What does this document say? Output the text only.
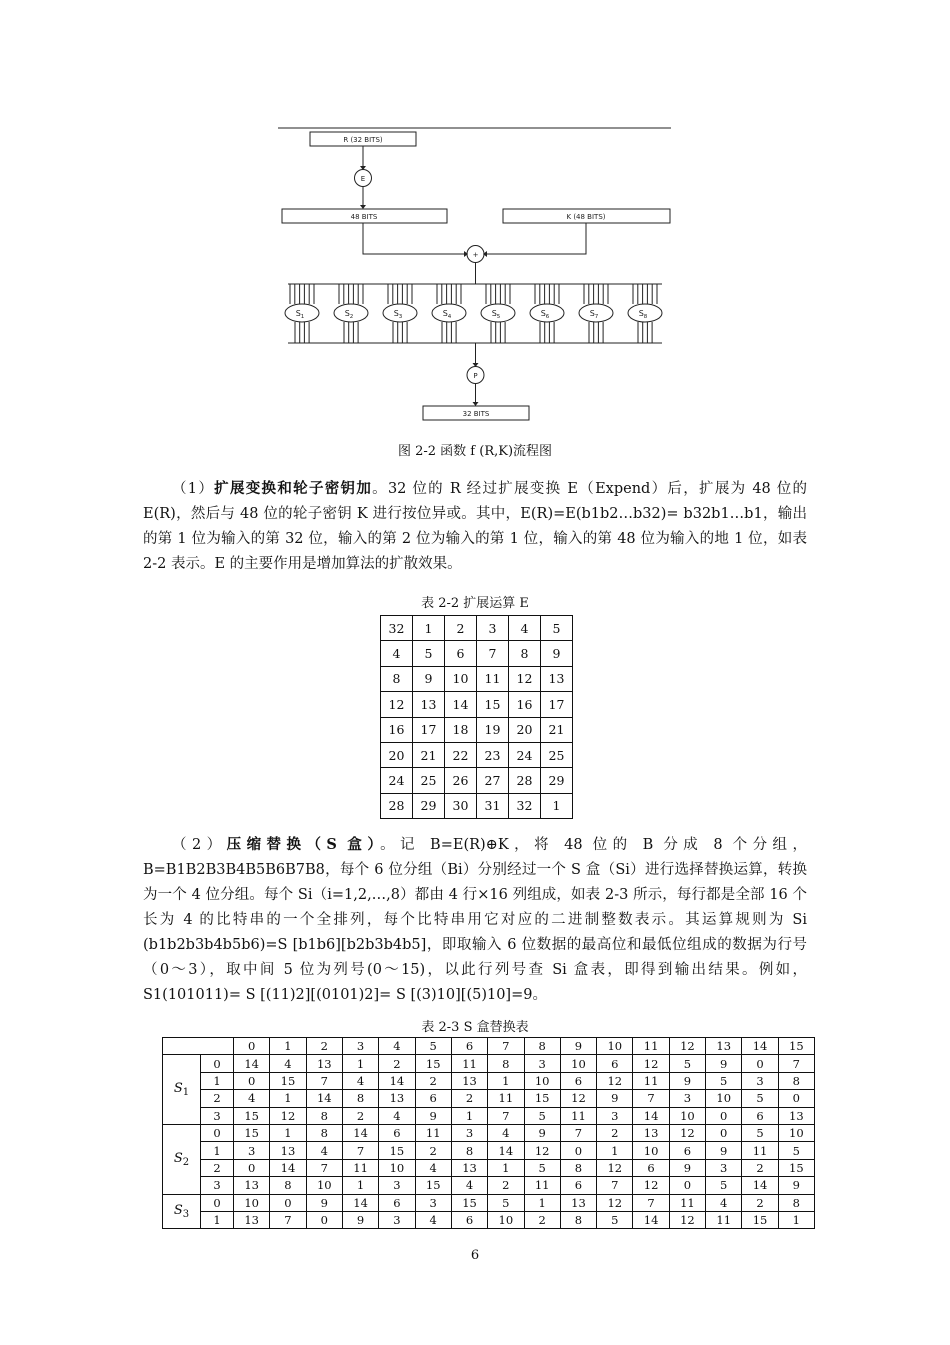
R (32 BITS)
E
48 BITS	K (48 BITS)
+
P
32 BITS
$S_1$	$S_2$	$S_3$	$S_4$	$S_5$	$S_6$	$S_7$	$S_8$
图 2-2 函数 f (R,K)流程图

（1）扩展变换和轮子密钥加。32 位的 R 经过扩展变换 E（Expend）后，扩展为 48 位的 E(R)，然后与 48 位的轮子密钥 K 进行按位异或。其中，E(R)=E(b1b2…b32)= b32b1…b1，输出的第 1 位为输入的第 32 位，输入的第 2 位为输入的第 1 位，输入的第 48 位为输入的地 1 位，如表 2-2 表示。E 的主要作用是增加算法的扩散效果。

表 2-2 扩展运算 E
32	1	2	3	4	5
4	5	6	7	8	9
8	9	10	11	12	13
12	13	14	15	16	17
16	17	18	19	20	21
20	21	22	23	24	25
24	25	26	27	28	29
28	29	30	31	32	1

（2）压缩替换（S 盒）。记 B=E(R)⊕K，将 48 位的 B 分成 8 个分组，B=B1B2B3B4B5B6B7B8，每个 6 位分组（Bi）分别经过一个 S 盒（Si）进行选择替换运算，转换为一个 4 位分组。每个 Si（i=1,2,…,8）都由 4 行×16 列组成，如表 2-3 所示，每行都是全部 16 个长为 4 的比特串的一个全排列，每个比特串用它对应的二进制整数表示。其运算规则为 Si (b1b2b3b4b5b6)=S [b1b6][b2b3b4b5]，即取输入 6 位数据的最高位和最低位组成的数据为行号（0～3），取中间 5 位为列号(0～15)，以此行列号查 Si 盒表，即得到输出结果。例如，S1(101011)= S [(11)2][(0101)2]= S [(3)10][(5)10]=9。

表 2-3 S 盒替换表
		0	1	2	3	4	5	6	7	8	9	10	11	12	13	14	15
$S_1$	0	14	4	13	1	2	15	11	8	3	10	6	12	5	9	0	7
	1	0	15	7	4	14	2	13	1	10	6	12	11	9	5	3	8
	2	4	1	14	8	13	6	2	11	15	12	9	7	3	10	5	0
	3	15	12	8	2	4	9	1	7	5	11	3	14	10	0	6	13
$S_2$	0	15	1	8	14	6	11	3	4	9	7	2	13	12	0	5	10
	1	3	13	4	7	15	2	8	14	12	0	1	10	6	9	11	5
	2	0	14	7	11	10	4	13	1	5	8	12	6	9	3	2	15
	3	13	8	10	1	3	15	4	2	11	6	7	12	0	5	14	9
$S_3$	0	10	0	9	14	6	3	15	5	1	13	12	7	11	4	2	8
	1	13	7	0	9	3	4	6	10	2	8	5	14	12	11	15	1
6
